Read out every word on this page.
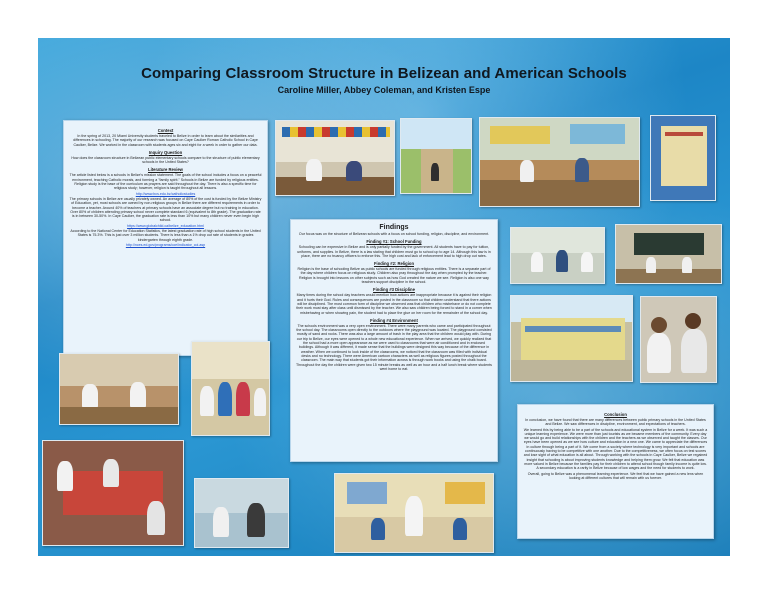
Comparing Classroom Structure in Belizean and American Schools
Caroline Miller, Abbey Coleman, and Kristen Espe
Context

In the spring of 2013, 20 Miami University students traveled to Belize in order to learn about the similarities and differences in schooling. The majority of our research was focused on Caye Caulker Roman Catholic School in Caye Caulker, Belize. We worked in the classroom with students ages six and eight for a week in order to gather our data.

Inquiry Question

How does the classroom structure in Belizean public elementary schools compare to the structure of public elementary schools in the United States?

Literature Review

The article listed below is a schools in Belize's mission statement. The goals of the school includes a focus on a peaceful environment, teaching Catholic morals, and forming a "family spirit." Schools in Belize are funded by religious entities. Religion study is the base of the curriculum as prayers are said throughout the day. There is also a specific time for religious study; however, religion is taught throughout all lessons.

http://www.bcs.edu.bz/catholicstudies

The primary schools in Belize are usually privately owned. An average of 80% of the cost is funded by the Belize Ministry of Education, yet, most schools are owned by non-religious groups in Belize there are different requirements in order to become a teacher. Around 40% of teachers at primary schools have an associate degree but no training in education. Over 80% of children attending primary school never complete standard 6 (equivalent to 8th grade). The graduation rate is in between 30-50%. In Caye Caulker, the graduation rate is less than 10% but many children never even begin high school.

https://www.globalchild.ca/belize_education.html

According to the National Center for Education Statistics, the latest graduation rate of high school students in the United States is 75.3%. This is just over 3 million students. There is less than a 1% drop out rate of students in grades kindergarten through eighth grade.

http://nces.ed.gov/programs/coe/indicator_coi.asp

Findings

Our focus was on the structure of Belizean schools with a focus on school funding, religion, discipline, and environment.

Finding #1: School Funding

Schooling can be expensive in Belize and is only partially funded by the government. All students have to pay for tuition, uniforms, and supplies. In Belize, there is a law stating that children must go to school up to age 14. Although this law is in place, there are no truancy officers to enforce this. The high cost and lack of enforcement lead to high drop out rates.

Finding #2: Religion

Religion is the base of schooling Belize as public schools are funded through religious entities. There is a separate part of the day where children focus on religious study. Children also pray throughout the day when prompted by the teacher. Religion is brought into lessons on other subjects such as how God created the nature we see. Religion is also one way teachers support discipline in the school.

Finding #3 Discipline

Many times during the school day teachers would mention how actions are inappropriate because it is against their religion and it hurts their God. Rules and consequences are posted in the classroom so that children understand that there actions will be disciplined. The most common form of discipline we observed was that children who misbehave or do not complete their work must stay after class until dismissed by the teacher. We also saw children being forced to stand in a corner when misbehaving or when showing pain, the student had to place the glue on her room for the remainder of the school day.

Finding #4 Environment

The schools environment was a very open environment. There were many parents who came and participated throughout the school day. The classrooms open directly to the outdoors where the playground was located. The playground consisted mostly of sand and rocks. There was also a large amount of trash in the play area that the children would play with. During our trip to Belize, our eyes were opened to a whole new educational experience. When we arrived, we quickly realized that the school had a more open appearance as we were used to classrooms that were air conditioned and in enclosed buildings. Although it was different, it made sense that the buildings were designed this way because of the difference in weather. When we continued to look inside of the classrooms, we noticed that the classroom was filled with individual desks and no technology. There were American cartoon characters as well as religious figures posted throughout the classroom. The main way that students got their information across is through work books and using the chalk board. Throughout the day the children were given two 15 minute breaks as well as an hour and a half lunch break where students went home to eat.

Conclusion

In conclusion, we have found that there are many differences between public primary schools in the United States and Belize. We saw differences in discipline, environment, and expectations of teachers.

We learned this by being able to be a part of the schools and educational system in Belize for a week. It was such a unique learning experience. We were more than just tourists as we became members of the community. Every day we would go and build relationships with the children and the teachers as we observed and taught the classes. Our eyes have been opened as we see how culture and education in a new one. We came to appreciate the differences in culture through being a part of it. We come from a society where technology is very important and schools are continuously having to be competitive with one another. Due to the competitiveness, we often focus on test scores and lose sight of what education is all about. Through working with the schools in Caye Caulker, Belize we regained insight that schooling is about improving students knowledge and helping them grow. We felt that education was more valued in Belize because the families pay for their children to attend school though family income is quite low. A secondary education is a rarity in Belize because of low wages and the need for students to work.

Overall, going to Belize was a phenomenal learning experience. We feel that we have gained a new lens when looking at different cultures that will remain with us forever.
